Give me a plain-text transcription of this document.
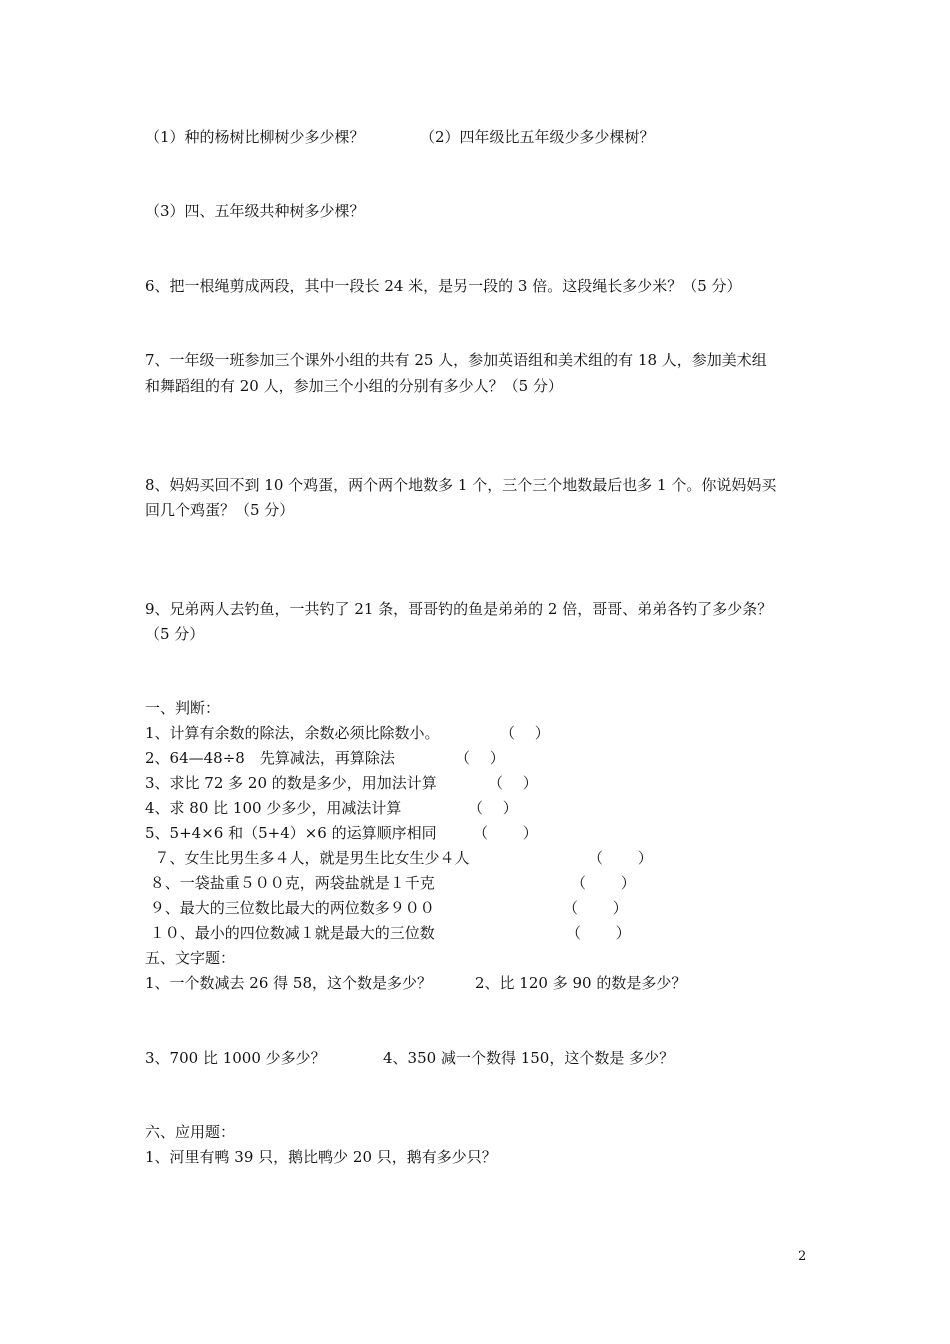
（1）种的杨树比柳树少多少棵？	（2）四年级比五年级少多少棵树？
（3）四、五年级共种树多少棵？
6、把一根绳剪成两段，其中一段长 24 米，是另一段的 3 倍。这段绳长多少米？（5 分）
7、一年级一班参加三个课外小组的共有 25 人，参加英语组和美术组的有 18 人，参加美术组
和舞蹈组的有 20 人，参加三个小组的分别有多少人？（5 分）
8、妈妈买回不到 10 个鸡蛋，两个两个地数多 1 个，三个三个地数最后也多 1 个。你说妈妈买
回几个鸡蛋？（5 分）
9、兄弟两人去钓鱼，一共钓了 21 条，哥哥钓的鱼是弟弟的 2 倍，哥哥、弟弟各钓了多少条？
（5 分）
一、判断：
1、计算有余数的除法，余数必须比除数小。	（　 ）
2、64—48÷8　先算减法，再算除法	（　 ）
3、求比 72 多 20 的数是多少，用加法计算	（　 ）
4、求 80 比 100 少多少，用减法计算	（　 ）
5、5+4×6 和（5+4）×6 的运算顺序相同 （　　 ）
７、女生比男生多４人，就是男生比女生少４人	（　　 ）
８、一袋盐重５００克，两袋盐就是１千克	（　　 ）
９、最大的三位数比最大的两位数多９００	（　　 ）
１０、最小的四位数减１就是最大的三位数	（　　 ）
五、文字题：
1、一个数减去 26 得 58，这个数是多少？	2、比 120 多 90 的数是多少？
3、700 比 1000 少多少？	4、350 减一个数得 150，这个数是 多少？
六、应用题：
1、河里有鸭 39 只，鹅比鸭少 20 只，鹅有多少只？
2
